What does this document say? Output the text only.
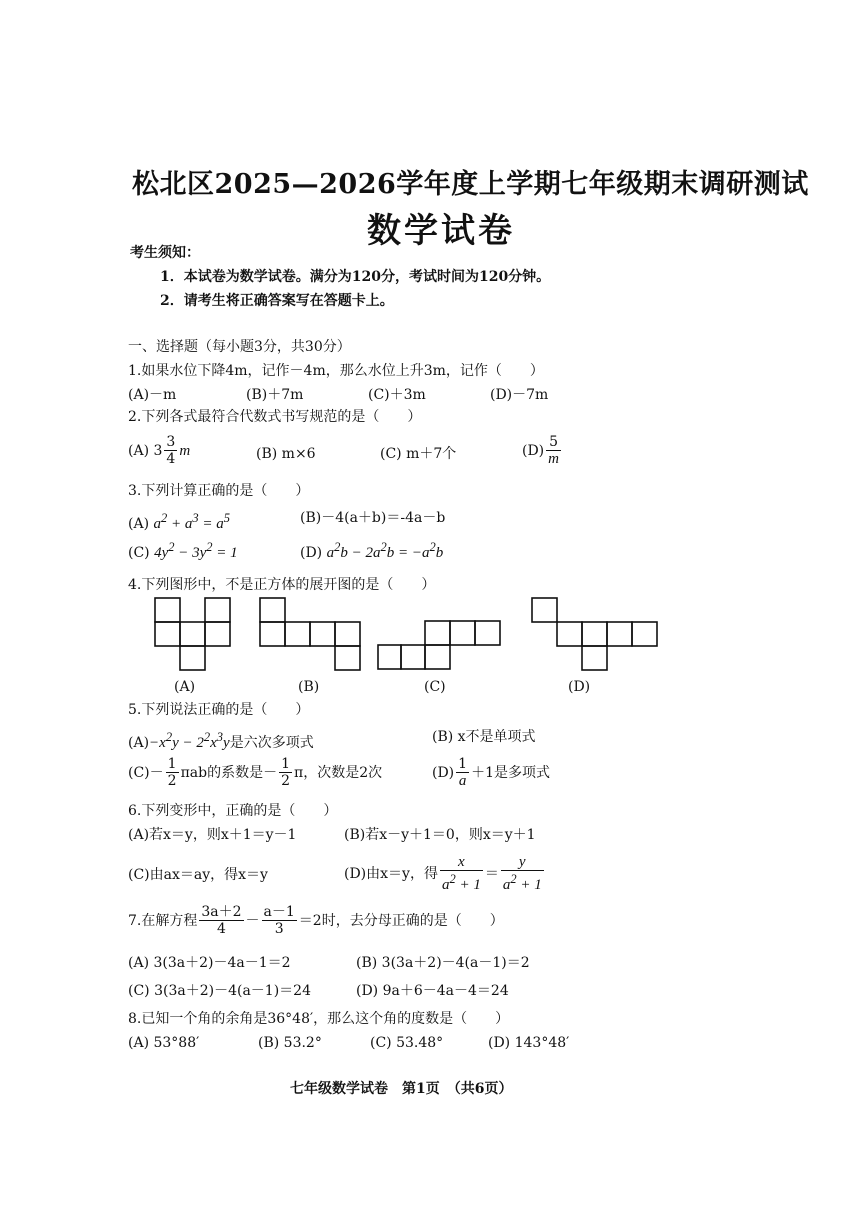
松北区2025—2026学年度上学期七年级期末调研测试
数学试卷
考生须知：
1．本试卷为数学试卷。满分为120分，考试时间为120分钟。
2．请考生将正确答案写在答题卡上。
一、选择题（每小题3分，共30分）
1.如果水位下降4m，记作－4m，那么水位上升3m，记作（　　）
(A)－m	(B)＋7m	(C)＋3m	(D)－7m
2.下列各式最符合代数式书写规范的是（　　）
(A) $3 \frac{3}{4}$ m	(B) m×6	(C) m＋7个	$(D) \frac{5}{m}$
3.下列计算正确的是（　　）
(A) $a^2 + a^3 = a^5$	(B)－4(a＋b)＝-4a－b
(C) $4y^2 - 3y^2 = 1$	(D) $a^2b - 2a^2b = -a^2b$
4.下列图形中，不是正方体的展开图的是（　　）
(A)	(B)	(C)	(D)
5.下列说法正确的是（　　）
$(A)-x^2y - 2^2x^3y$是六次多项式	(B) x不是单项式
$(C)- \frac{1}{2}$ πab的系数是－ $\frac{1}{2}$ π，次数是2次	$(D) \frac{1}{a} +1$是多项式
6.下列变形中，正确的是（　　）
(A)若x＝y，则x＋1＝y－1	(B)若x－y＋1＝0，则x＝y＋1
(C)由ax＝ay，得x＝y	(D)由x＝y，得 $\frac{x}{a^2 + 1} = \frac{y}{a^2 + 1}$
7.在解方程 $\frac{3a+2}{4} - \frac{a-1}{3} =2$时，去分母正确的是（　　）
(A) 3(3a＋2)－4a－1＝2	(B) 3(3a＋2)－4(a－1)＝2
(C) 3(3a＋2)－4(a－1)＝24	(D) 9a＋6－4a－4＝24
8.已知一个角的余角是36°48′，那么这个角的度数是（　　）
(A) 53°88′	(B) 53.2°	(C) 53.48°	(D) 143°48′
七年级数学试卷　第1页　（共6页）
